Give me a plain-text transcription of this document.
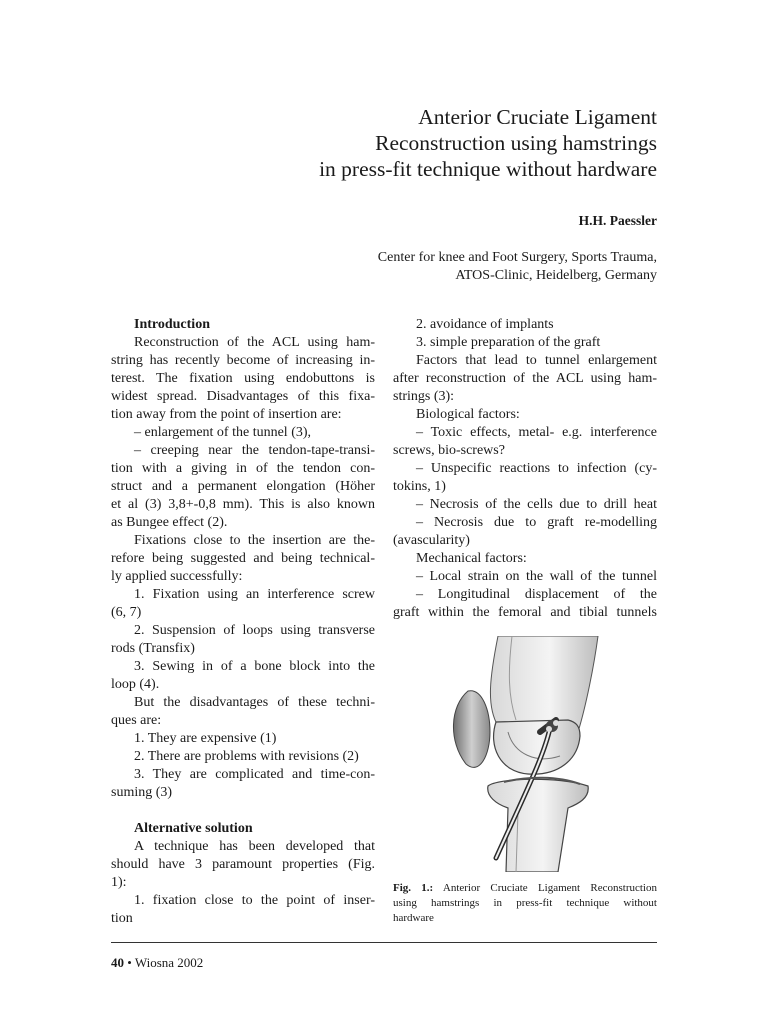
Anterior Cruciate Ligament
Reconstruction using hamstrings
in press-fit technique without hardware
H.H. Paessler
Center for knee and Foot Surgery, Sports Trauma,
ATOS-Clinic, Heidelberg, Germany
Introduction
Reconstruction of the ACL using ham-
string has recently become of increasing in-
terest. The fixation using endobuttons is
widest spread. Disadvantages of this fixa-
tion away from the point of insertion are:
– enlargement of the tunnel (3),
– creeping near the tendon-tape-transi-
tion with a giving in of the tendon con-
struct and a permanent elongation (Höher
et al (3) 3,8+-0,8 mm). This is also known
as Bungee effect (2).
Fixations close to the insertion are the-
refore being suggested and being technical-
ly applied successfully:
1. Fixation using an interference screw
(6, 7)
2. Suspension of loops using transverse
rods (Transfix)
3. Sewing in of a bone block into the
loop (4).
But the disadvantages of these techni-
ques are:
1. They are expensive (1)
2. There are problems with revisions (2)
3. They are complicated and time-con-
suming (3)
Alternative solution
A technique has been developed that
should have 3 paramount properties (Fig.
1):
1. fixation close to the point of inser-
tion
2. avoidance of implants
3. simple preparation of the graft
Factors that lead to tunnel enlargement
after reconstruction of the ACL using ham-
strings (3):
Biological factors:
– Toxic effects, metal- e.g. interference
screws, bio-screws?
– Unspecific reactions to infection (cy-
tokins, 1)
– Necrosis of the cells due to drill heat
– Necrosis due to graft re-modelling
(avascularity)
Mechanical factors:
– Local strain on the wall of the tunnel
– Longitudinal displacement of the
graft within the femoral and tibial tunnels
Fig. 1.: Anterior Cruciate Ligament Reconstruction
using hamstrings in press-fit technique without
hardware
40 • Wiosna 2002
